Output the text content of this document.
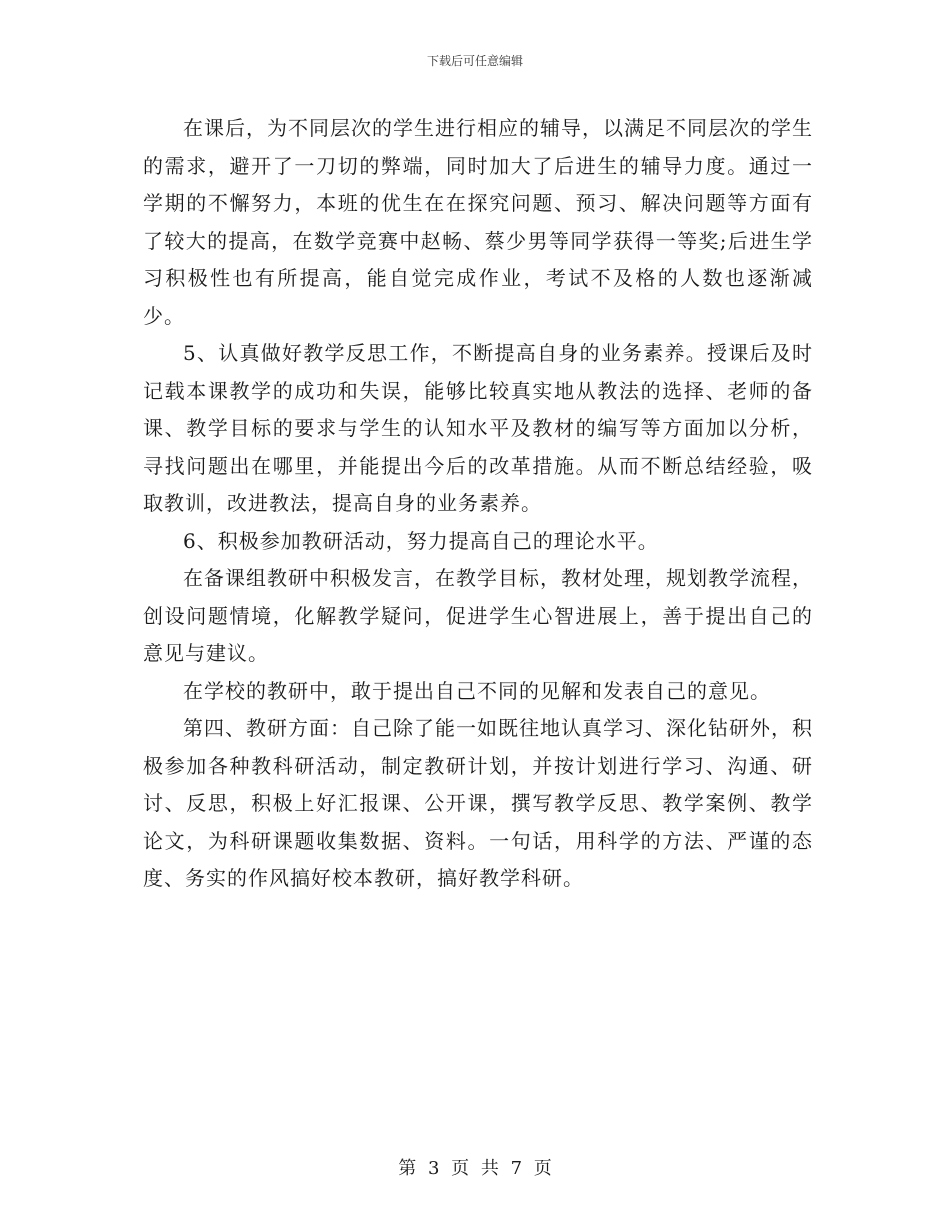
下载后可任意编辑

在课后，为不同层次的学生进行相应的辅导，以满足不同层次的学生的需求，避开了一刀切的弊端，同时加大了后进生的辅导力度。通过一学期的不懈努力，本班的优生在在探究问题、预习、解决问题等方面有了较大的提高，在数学竞赛中赵畅、蔡少男等同学获得一等奖;后进生学习积极性也有所提高，能自觉完成作业，考试不及格的人数也逐渐减少。

5、认真做好教学反思工作，不断提高自身的业务素养。授课后及时记载本课教学的成功和失误，能够比较真实地从教法的选择、老师的备课、教学目标的要求与学生的认知水平及教材的编写等方面加以分析，寻找问题出在哪里，并能提出今后的改革措施。从而不断总结经验，吸取教训，改进教法，提高自身的业务素养。

6、积极参加教研活动，努力提高自己的理论水平。

在备课组教研中积极发言，在教学目标，教材处理，规划教学流程，创设问题情境，化解教学疑问，促进学生心智进展上，善于提出自己的意见与建议。

在学校的教研中，敢于提出自己不同的见解和发表自己的意见。

第四、教研方面：自己除了能一如既往地认真学习、深化钻研外，积极参加各种教科研活动，制定教研计划，并按计划进行学习、沟通、研讨、反思，积极上好汇报课、公开课，撰写教学反思、教学案例、教学论文，为科研课题收集数据、资料。一句话，用科学的方法、严谨的态度、务实的作风搞好校本教研，搞好教学科研。

第 3 页 共 7 页
